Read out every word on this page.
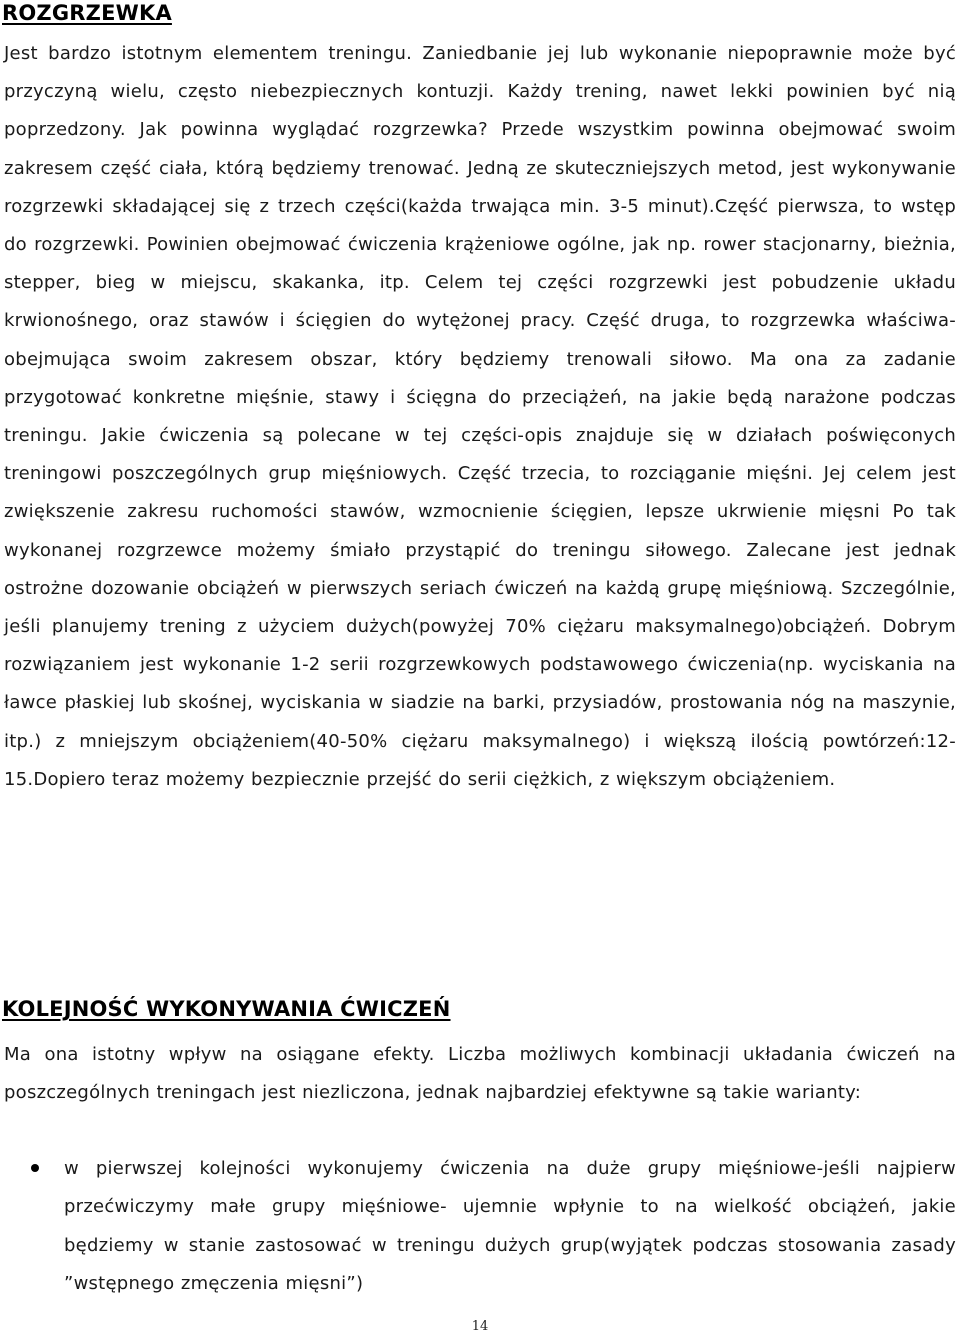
ROZGRZEWKA

Jest bardzo istotnym elementem treningu. Zaniedbanie jej lub wykonanie niepoprawnie może być przyczyną wielu, często niebezpiecznych kontuzji. Każdy trening, nawet lekki powinien być nią poprzedzony. Jak powinna wyglądać rozgrzewka? Przede wszystkim powinna obejmować swoim zakresem część ciała, którą będziemy trenować. Jedną ze skuteczniejszych metod, jest wykonywanie rozgrzewki składającej się z trzech części(każda trwająca min. 3-5 minut).Część pierwsza, to wstęp do rozgrzewki. Powinien obejmować ćwiczenia krążeniowe ogólne, jak np. rower stacjonarny, bieżnia, stepper, bieg w miejscu, skakanka, itp. Celem tej części rozgrzewki jest pobudzenie układu krwionośnego, oraz stawów i ścięgien do wytężonej pracy. Część druga, to rozgrzewka właściwa-obejmująca swoim zakresem obszar, który będziemy trenowali siłowo. Ma ona za zadanie przygotować konkretne mięśnie, stawy i ścięgna do przeciążeń, na jakie będą narażone podczas treningu. Jakie ćwiczenia są polecane w tej części-opis znajduje się w działach poświęconych treningowi poszczególnych grup mięśniowych. Część trzecia, to rozciąganie mięśni. Jej celem jest zwiększenie zakresu ruchomości stawów, wzmocnienie ścięgien, lepsze ukrwienie mięsni Po tak wykonanej rozgrzewce możemy śmiało przystąpić do treningu siłowego. Zalecane jest jednak ostrożne dozowanie obciążeń w pierwszych seriach ćwiczeń na każdą grupę mięśniową. Szczególnie, jeśli planujemy trening z użyciem dużych(powyżej 70% ciężaru maksymalnego)obciążeń. Dobrym rozwiązaniem jest wykonanie 1-2 serii rozgrzewkowych podstawowego ćwiczenia(np. wyciskania na ławce płaskiej lub skośnej, wyciskania w siadzie na barki, przysiadów, prostowania nóg na maszynie, itp.) z mniejszym obciążeniem(40-50% ciężaru maksymalnego) i większą ilością powtórzeń:12-15.Dopiero teraz możemy bezpiecznie przejść do serii ciężkich, z większym obciążeniem.

KOLEJNOŚĆ WYKONYWANIA ĆWICZEŃ

Ma ona istotny wpływ na osiągane efekty. Liczba możliwych kombinacji układania ćwiczeń na poszczególnych treningach jest niezliczona, jednak najbardziej efektywne są takie warianty:

w pierwszej kolejności wykonujemy ćwiczenia na duże grupy mięśniowe-jeśli najpierw przećwiczymy małe grupy mięśniowe- ujemnie wpłynie to na wielkość obciążeń, jakie będziemy w stanie zastosować w treningu dużych grup(wyjątek podczas stosowania zasady ”wstępnego zmęczenia mięsni”)
14
